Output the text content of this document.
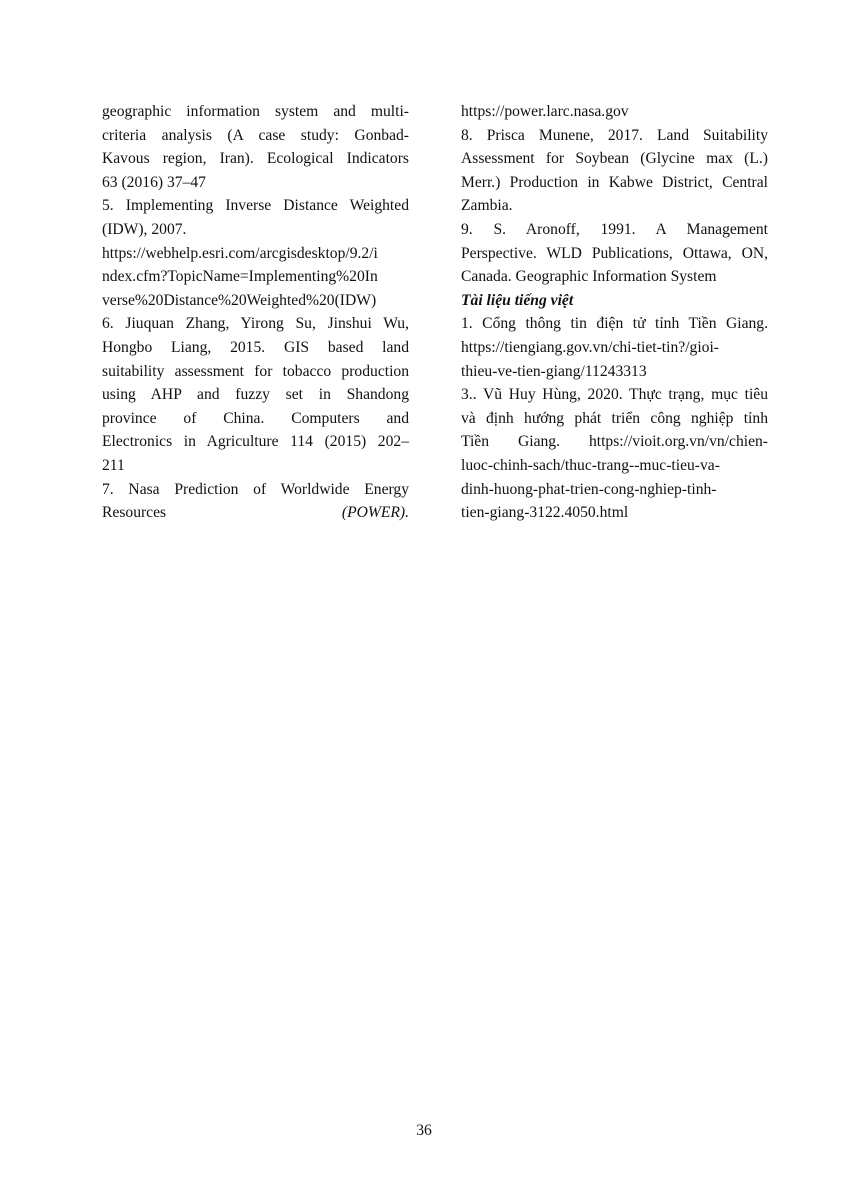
geographic information system and multi-
criteria analysis (A case study: Gonbad-
Kavous region, Iran). Ecological Indicators
63 (2016) 37–47
5. Implementing Inverse Distance Weighted
(IDW), 2007.
https://webhelp.esri.com/arcgisdesktop/9.2/i
ndex.cfm?TopicName=Implementing%20In
verse%20Distance%20Weighted%20(IDW)
6. Jiuquan Zhang, Yirong Su, Jinshui Wu,
Hongbo Liang, 2015. GIS based land
suitability assessment for tobacco production
using AHP and fuzzy set in Shandong
province of China. Computers and
Electronics in Agriculture 114 (2015) 202–
211
7. Nasa Prediction of Worldwide Energy
Resources	(POWER).
https://power.larc.nasa.gov
8. Prisca Munene, 2017. Land Suitability
Assessment for Soybean (Glycine max (L.)
Merr.) Production in Kabwe District, Central
Zambia.
9. S. Aronoff, 1991. A Management
Perspective. WLD Publications, Ottawa, ON,
Canada. Geographic Information System
Tài liệu tiếng việt
1. Cổng thông tin điện tử tỉnh Tiền Giang.
https://tiengiang.gov.vn/chi-tiet-tin?/gioi-
thieu-ve-tien-giang/11243313
3.. Vũ Huy Hùng, 2020. Thực trạng, mục tiêu
và định hướng phát triển công nghiệp tỉnh
Tiền Giang. https://vioit.org.vn/vn/chien-
luoc-chinh-sach/thuc-trang--muc-tieu-va-
dinh-huong-phat-trien-cong-nghiep-tinh-
tien-giang-3122.4050.html
36
